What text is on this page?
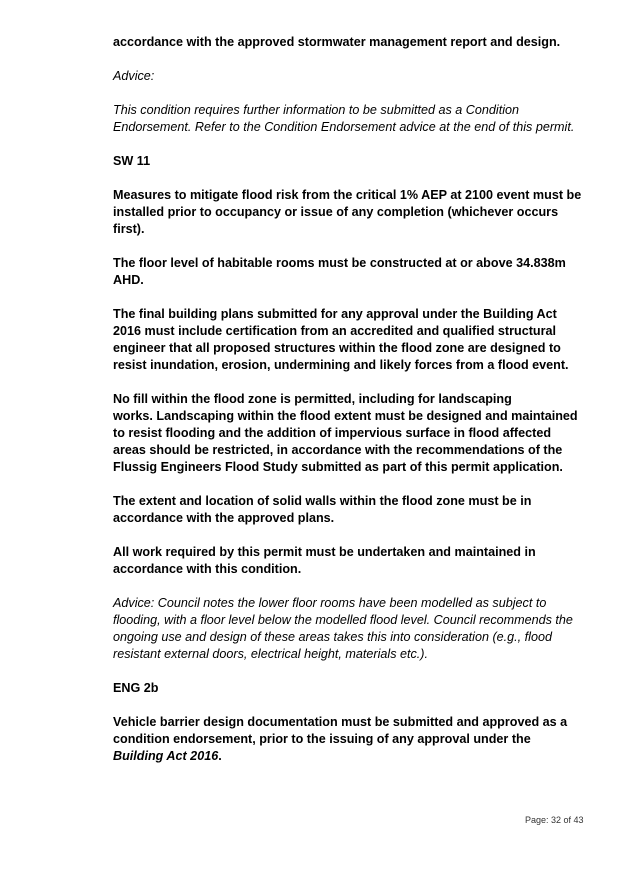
accordance with the approved stormwater management report and design.

Advice:

This condition requires further information to be submitted as a Condition Endorsement. Refer to the Condition Endorsement advice at the end of this permit.

SW 11

Measures to mitigate flood risk from the critical 1% AEP at 2100 event must be installed prior to occupancy or issue of any completion (whichever occurs first).

The floor level of habitable rooms must be constructed at or above 34.838m AHD.

The final building plans submitted for any approval under the Building Act 2016 must include certification from an accredited and qualified structural engineer that all proposed structures within the flood zone are designed to resist inundation, erosion, undermining and likely forces from a flood event.

No fill within the flood zone is permitted, including for landscaping
works. Landscaping within the flood extent must be designed and maintained to resist flooding and the addition of impervious surface in flood affected areas should be restricted, in accordance with the recommendations of the Flussig Engineers Flood Study submitted as part of this permit application.

The extent and location of solid walls within the flood zone must be in accordance with the approved plans.

All work required by this permit must be undertaken and maintained in accordance with this condition.

Advice: Council notes the lower floor rooms have been modelled as subject to flooding, with a floor level below the modelled flood level. Council recommends the ongoing use and design of these areas takes this into consideration (e.g., flood resistant external doors, electrical height, materials etc.).

ENG 2b

Vehicle barrier design documentation must be submitted and approved as a condition endorsement, prior to the issuing of any approval under the Building Act 2016.

Page: 32 of 43
